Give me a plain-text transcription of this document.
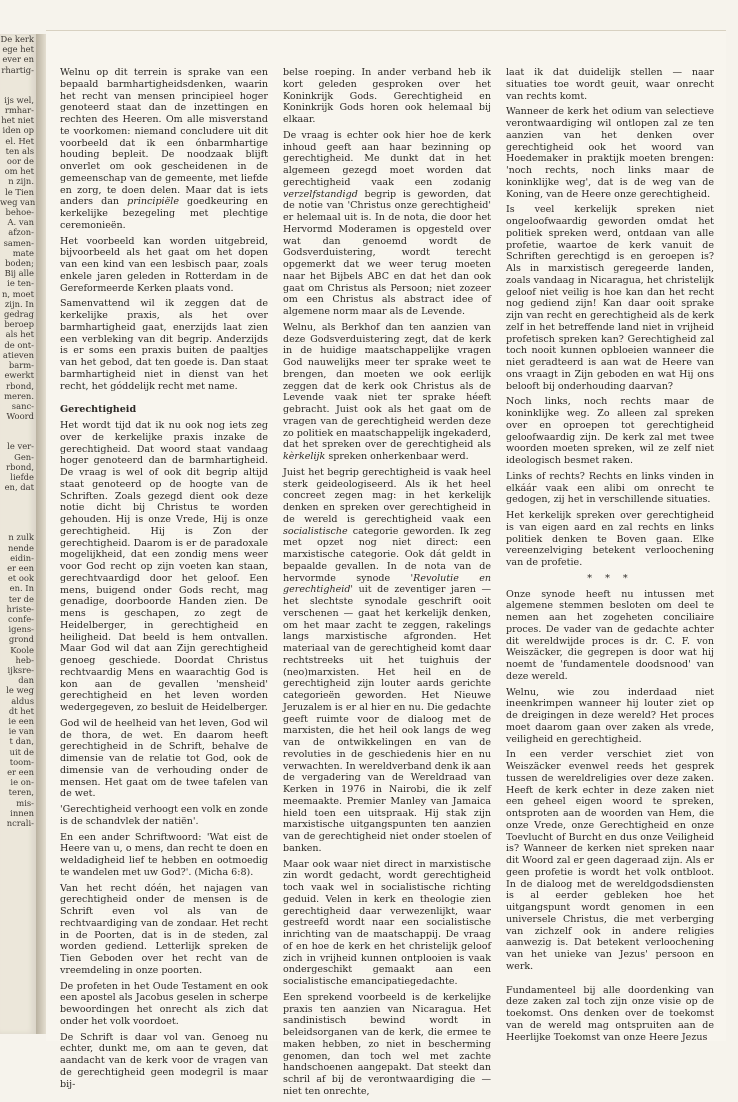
De kerk

ege het

ever en

rhartig-

ijs wel,

rmhar-

het niet

iden op

el. Het

ten als

oor de

om het

n zijn.

le Tien

weg van

behoe-

A. van

afzon-

samen-

mate

boden;

Bij alle

ie ten-

n, moet

zijn. In

gedrag

beroep

als het

de ont-

atieven

barm-

ewerkt

rbond,

meren.

sanc-

Woord

le ver-

Gen-

rbond,

liefde

en, dat

n zulk

nende

eidin-

er een

et ook

en. In

ter de

hriste-

confe-

igens-

grond

Koole

heb-

ijksre-

dan

le weg

aldus

dt het

ie een

ie van

t dan,

uit de

toom-

er een

ie on-

teren,

mis-

innen

ncrali-

Welnu op dit terrein is sprake van een bepaald barmhartigheidsdenken, waarin het recht van mensen principieel hoger genoteerd staat dan de inzettingen en rechten des Heeren. Om alle misverstand te voorkomen: niemand concludere uit dit voorbeeld dat ik een ónbarmhartige houding bepleit. De noodzaak blijft onverlet om ook gescheidenen in de gemeenschap van de gemeente, met liefde en zorg, te doen delen. Maar dat is iets anders dan principiële goedkeuring en kerkelijke bezegeling met plechtige ceremonieën.

Het voorbeeld kan worden uitgebreid, bijvoorbeeld als het gaat om het dopen van een kind van een lesbisch paar, zoals enkele jaren geleden in Rotterdam in de Gereformeerde Kerken plaats vond.

Samenvattend wil ik zeggen dat de kerkelijke praxis, als het over barmhartigheid gaat, enerzijds laat zien een verbleking van dit begrip. Anderzijds is er soms een praxis buiten de paaltjes van het gebod, dat ten goede is. Dan staat barmhartigheid niet in dienst van het recht, het góddelijk recht met name.

Gerechtigheid

Het wordt tijd dat ik nu ook nog iets zeg over de kerkelijke praxis inzake de gerechtigheid. Dat woord staat vandaag hoger genoteerd dan de barmhartigheid. De vraag is wel of ook dit begrip altijd staat genoteerd op de hoogte van de Schriften. Zoals gezegd dient ook deze notie dicht bij Christus te worden gehouden. Hij is onze Vrede, Hij is onze gerechtigheid. Hij is Zon der gerechtigheid. Daarom is er de paradoxale mogelijkheid, dat een zondig mens weer voor God recht op zijn voeten kan staan, gerechtvaardigd door het geloof. Een mens, buigend onder Gods recht, mag genadige, doorboorde Handen zien. De mens is geschapen, zo zegt de Heidelberger, in gerechtigheid en heiligheid. Dat beeld is hem ontvallen. Maar God wil dat aan Zijn gerechtigheid genoeg geschiede. Doordat Christus rechtvaardig Mens en waarachtig God is kon aan de gevallen 'mensheid' gerechtigheid en het leven worden wedergegeven, zo besluit de Heidelberger.

God wil de heelheid van het leven, God wil de thora, de wet. En daarom heeft gerechtigheid in de Schrift, behalve de dimensie van de relatie tot God, ook de dimensie van de verhouding onder de mensen. Het gaat om de twee tafelen van de wet.

'Gerechtigheid verhoogt een volk en zonde is de schandvlek der natiën'.

En een ander Schriftwoord: 'Wat eist de Heere van u, o mens, dan recht te doen en weldadigheid lief te hebben en ootmoedig te wandelen met uw God?'. (Micha 6:8).

Van het recht dóén, het najagen van gerechtigheid onder de mensen is de Schrift even vol als van de rechtvaardiging van de zondaar. Het recht in de Poorten, dat is in de steden, zal worden gediend. Letterlijk spreken de Tien Geboden over het recht van de vreemdeling in onze poorten.

De profeten in het Oude Testament en ook een apostel als Jacobus geselen in scherpe bewoordingen het onrecht als zich dat onder het volk voordoet.

De Schrift is daar vol van. Genoeg nu echter, dunkt me, om aan te geven, dat aandacht van de kerk voor de vragen van de gerechtigheid geen modegril is maar bij-

belse roeping. In ander verband heb ik kort geleden gesproken over het Koninkrijk Gods. Gerechtigheid en Koninkrijk Gods horen ook helemaal bij elkaar.

De vraag is echter ook hier hoe de kerk inhoud geeft aan haar bezinning op gerechtigheid. Me dunkt dat in het algemeen gezegd moet worden dat gerechtigheid vaak een zodanig verzelfstandigd begrip is geworden, dat de notie van 'Christus onze gerechtigheid' er helemaal uit is. In de nota, die door het Hervormd Moderamen is opgesteld over wat dan genoemd wordt de Godsverduistering, wordt terecht opgemerkt dat we weer terug moeten naar het Bijbels ABC en dat het dan ook gaat om Christus als Persoon; niet zozeer om een Christus als abstract idee of algemene norm maar als de Levende.

Welnu, als Berkhof dan ten aanzien van deze Godsverduistering zegt, dat de kerk in de huidige maatschappelijke vragen God nauwelijks meer ter sprake weet te brengen, dan moeten we ook eerlijk zeggen dat de kerk ook Christus als de Levende vaak niet ter sprake héeft gebracht. Juist ook als het gaat om de vragen van de gerechtigheid werden deze zo politiek en maatschappelijk ingekaderd, dat het spreken over de gerechtigheid als kèrkelijk spreken onherkenbaar werd.

Juist het begrip gerechtigheid is vaak heel sterk geideologiseerd. Als ik het heel concreet zegen mag: in het kerkelijk denken en spreken over gerechtigheid in de wereld is gerechtigheid vaak een socialistische categorie geworden. Ik zeg met opzet nog niet direct: een marxistische categorie. Ook dát geldt in bepaalde gevallen. In de nota van de hervormde synode 'Revolutie en gerechtigheid' uit de zeventiger jaren — het slechtste synodale geschrift ooit verschenen — gaat het kerkelijk denken, om het maar zacht te zeggen, rakelings langs marxistische afgronden. Het materiaal van de gerechtigheid komt daar rechtstreeks uit het tuighuis der (neo)marxisten. Het heil en de gerechtigheid zijn louter aards gerichte categorieën geworden. Het Nieuwe Jeruzalem is er al hier en nu. Die gedachte geeft ruimte voor de dialoog met de marxisten, die het heil ook langs de weg van de ontwikkelingen en van de revoluties in de geschiedenis hier en nu verwachten. In wereldverband denk ik aan de vergadering van de Wereldraad van Kerken in 1976 in Nairobi, die ik zelf meemaakte. Premier Manley van Jamaica hield toen een uitspraak. Hij stak zijn marxistische uitgangspunten ten aanzien van de gerechtigheid niet onder stoelen of banken.

Maar ook waar niet direct in marxistische zin wordt gedacht, wordt gerechtigheid toch vaak wel in socialistische richting geduid. Velen in kerk en theologie zien gerechtigheid daar verwezenlijkt, waar gestreefd wordt naar een socialistische inrichting van de maatschappij. De vraag of en hoe de kerk en het christelijk geloof zich in vrijheid kunnen ontplooien is vaak ondergeschikt gemaakt aan een socialistische emancipatiegedachte.

Een sprekend voorbeeld is de kerkelijke praxis ten aanzien van Nicaragua. Het sandinistisch bewind wordt in beleidsorganen van de kerk, die ermee te maken hebben, zo niet in bescherming genomen, dan toch wel met zachte handschoenen aangepakt. Dat steekt dan schril af bij de verontwaardiging die — niet ten onrechte,

laat ik dat duidelijk stellen — naar situaties toe wordt geuit, waar onrecht van rechts komt.

Wanneer de kerk het odium van selectieve verontwaardiging wil ontlopen zal ze ten aanzien van het denken over gerechtigheid ook het woord van Hoedemaker in praktijk moeten brengen: 'noch rechts, noch links maar de koninklijke weg', dat is de weg van de Koning, van de Heere onze gerechtigheid.

Is veel kerkelijk spreken niet ongeloofwaardig geworden omdat het politiek spreken werd, ontdaan van alle profetie, waartoe de kerk vanuit de Schriften gerechtigd is en geroepen is? Als in marxistisch geregeerde landen, zoals vandaag in Nicaragua, het christelijk geloof niet veilig is hoe kan dan het recht nog gediend zijn! Kan daar ooit sprake zijn van recht en gerechtigheid als de kerk zelf in het betreffende land niet in vrijheid profetisch spreken kan? Gerechtigheid zal toch nooit kunnen opbloeien wanneer die niet geradteerd is aan wat de Heere van ons vraagt in Zijn geboden en wat Hij ons belooft bij onderhouding daarvan?

Noch links, noch rechts maar de koninklijke weg. Zo alleen zal spreken over en oproepen tot gerechtigheid geloofwaardig zijn. De kerk zal met twee woorden moeten spreken, wil ze zelf niet ideologisch besmet raken.

Links of rechts? Rechts en links vinden in elkáár vaak een alibi om onrecht te gedogen, zij het in verschillende situaties.

Het kerkelijk spreken over gerechtigheid is van eigen aard en zal rechts en links politiek denken te Boven gaan. Elke vereenzelviging betekent verloochening van de profetie.

* * *

Onze synode heeft nu intussen met algemene stemmen besloten om deel te nemen aan het zogeheten conciliaire proces. De vader van de gedachte achter dit wereldwijde proces is dr. C. F. von Weiszäcker, die gegrepen is door wat hij noemt de 'fundamentele doodsnood' van deze wereld.

Welnu, wie zou inderdaad niet ineenkrimpen wanneer hij louter ziet op de dreigingen in deze wereld? Het proces moet daarom gaan over zaken als vrede, veiligheid en gerechtigheid.

In een verder verschiet ziet von Weiszäcker evenwel reeds het gesprek tussen de wereldreligies over deze zaken. Heeft de kerk echter in deze zaken niet een geheel eigen woord te spreken, ontsproten aan de woorden van Hem, die onze Vrede, onze Gerechtigheid en onze Toevlucht of Burcht en dus onze Veiligheid is? Wanneer de kerken niet spreken naar dit Woord zal er geen dageraad zijn. Als er geen profetie is wordt het volk ontbloot. In de dialoog met de wereldgodsdiensten is al eerder gebleken hoe het uitgangspunt wordt genomen in een universele Christus, die met verberging van zichzelf ook in andere religies aanwezig is. Dat betekent verloochening van het unieke van Jezus' persoon en werk.

Fundamenteel bij alle doordenking van deze zaken zal toch zijn onze visie op de toekomst. Ons denken over de toekomst van de wereld mag ontspruiten aan de Heerlijke Toekomst van onze Heere Jezus
